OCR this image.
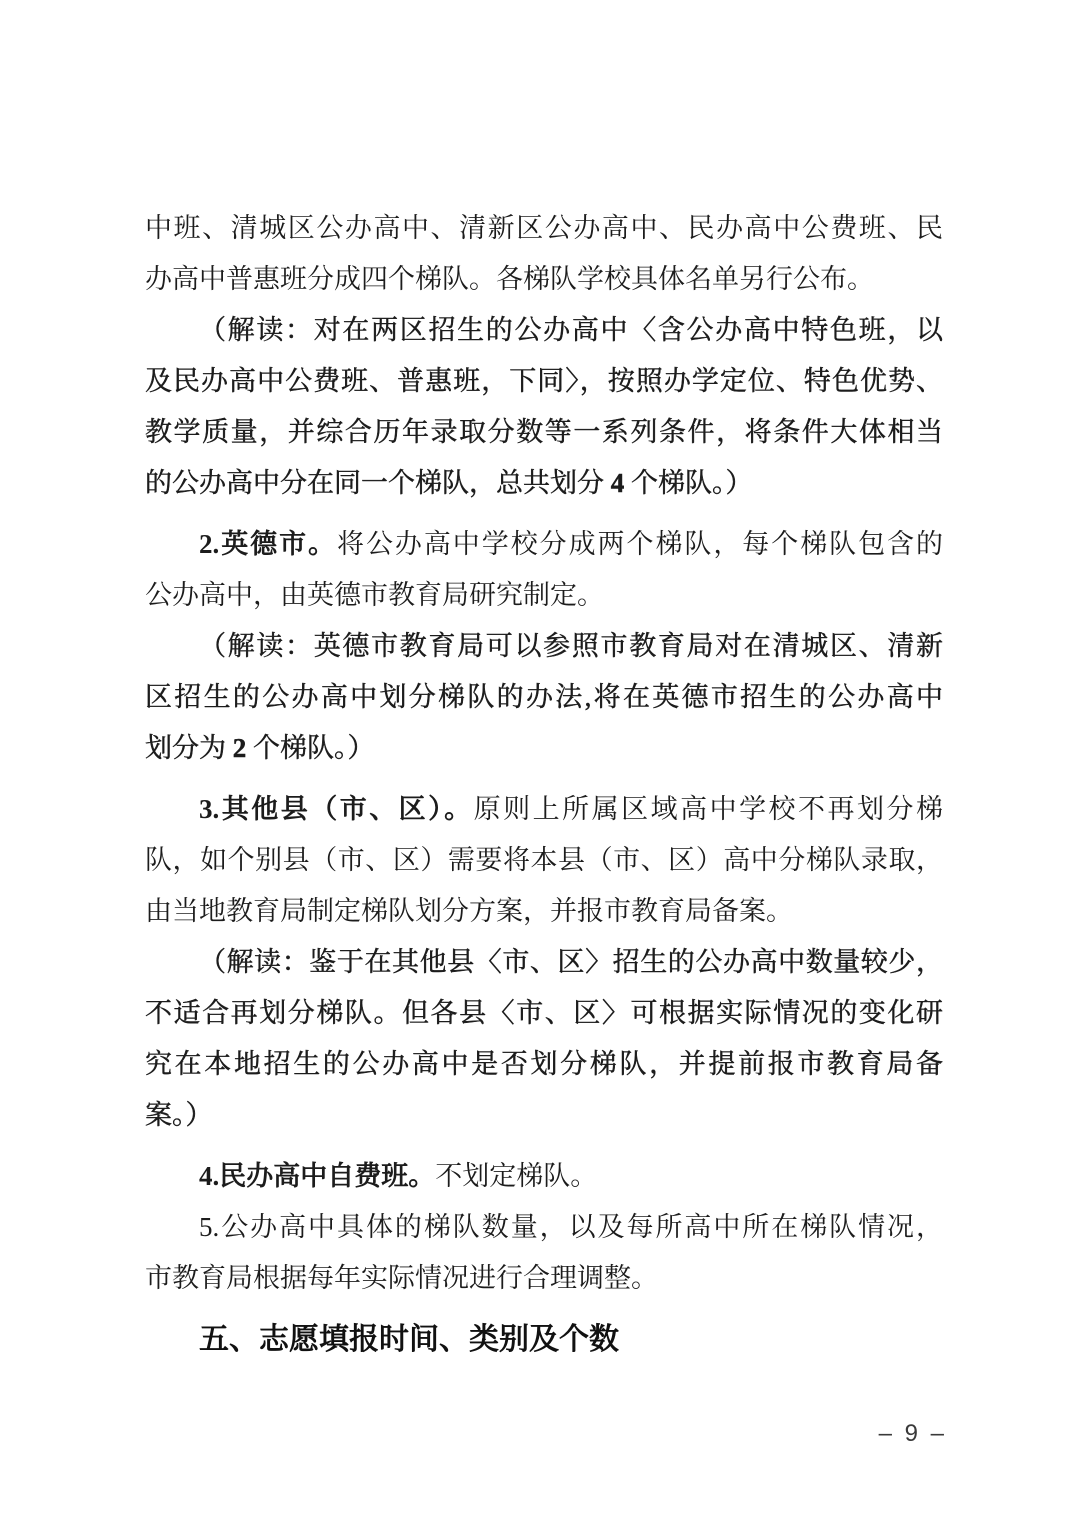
中班、清城区公办高中、清新区公办高中、民办高中公费班、民
办高中普惠班分成四个梯队。各梯队学校具体名单另行公布。
（解读：对在两区招生的公办高中〈含公办高中特色班，以
及民办高中公费班、普惠班，下同〉，按照办学定位、特色优势、
教学质量，并综合历年录取分数等一系列条件，将条件大体相当
的公办高中分在同一个梯队，总共划分 4 个梯队。）
2.英德市。将公办高中学校分成两个梯队，每个梯队包含的
公办高中，由英德市教育局研究制定。
（解读：英德市教育局可以参照市教育局对在清城区、清新
区招生的公办高中划分梯队的办法,将在英德市招生的公办高中
划分为 2 个梯队。）
3.其他县（市、区）。原则上所属区域高中学校不再划分梯
队，如个别县（市、区）需要将本县（市、区）高中分梯队录取，
由当地教育局制定梯队划分方案，并报市教育局备案。
（解读：鉴于在其他县〈市、区〉招生的公办高中数量较少，
不适合再划分梯队。但各县〈市、区〉可根据实际情况的变化研
究在本地招生的公办高中是否划分梯队，并提前报市教育局备
案。）
4.民办高中自费班。不划定梯队。
5.公办高中具体的梯队数量，以及每所高中所在梯队情况，
市教育局根据每年实际情况进行合理调整。
五、志愿填报时间、类别及个数
– 9 –
